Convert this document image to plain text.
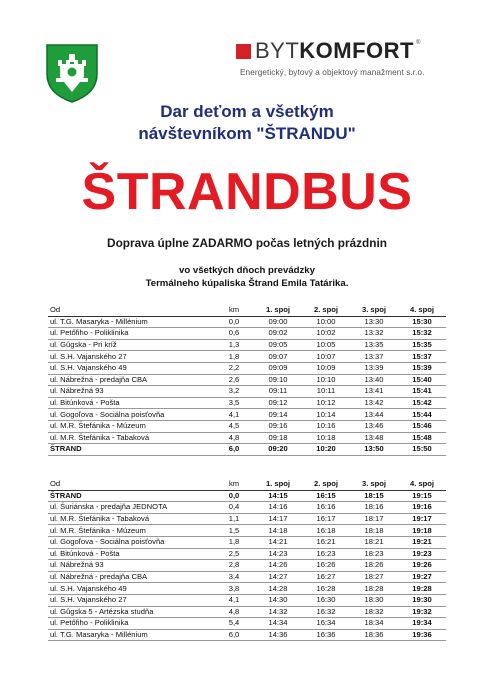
BYTKOMFORT ®
Energetický, bytový a objektový manažment s.r.o.
Dar deťom a všetkým
návštevníkom "ŠTRANDU"
ŠTRANDBUS
Doprava úplne ZADARMO počas letných prázdnin
vo všetkých dňoch prevádzky
Termálneho kúpaliska Štrand Emila Tatárika.
Od	km	1. spoj	2. spoj	3. spoj	4. spoj
ul. T.G. Masaryka - Millénium	0,0	09:00	10:00	13:30	15:30
ul. Petőfiho - Poliklinika	0,6	09:02	10:02	13:32	15:32
ul. Gûgska - Pri kríž	1,3	09:05	10:05	13:35	15:35
ul. S.H. Vajanského 27	1,8	09:07	10:07	13:37	15:37
ul. S.H. Vajanského 49	2,2	09:09	10:09	13:39	15:39
ul. Nábrežná - predajňa CBA	2,6	09:10	10:10	13:40	15:40
ul. Nábrežná 93	3,2	09:11	10:11	13:41	15:41
ul. Bitúnková - Pošta	3,5	09:12	10:12	13:42	15:42
ul. Gogoľova - Sociálna poisťovňa	4,1	09:14	10:14	13:44	15:44
ul. M.R. Štefánika - Múzeum	4,5	09:16	10:16	13:46	15:46
ul. M.R. Štefánika - Tabaková	4,8	09:18	10:18	13:48	15:48
ŠTRAND	6,0	09:20	10:20	13:50	15:50
Od	km	1. spoj	2. spoj	3. spoj	4. spoj
ŠTRAND	0,0	14:15	16:15	18:15	19:15
ul. Šuriánska - predajňa JEDNOTA	0,4	14:16	16:16	18:16	19:16
ul. M.R. Štefánika - Tabaková	1,1	14:17	16:17	18:17	19:17
ul. M.R. Štefánika - Múzeum	1,5	14:18	16:18	18:18	19:18
ul. Gogoľova - Sociálna poisťovňa	1,8	14:21	16:21	18:21	19:21
ul. Bitúnková - Pošta	2,5	14:23	16:23	18:23	19:23
ul. Nábrežná 93	2,8	14:26	16:26	18:26	19:26
ul. Nábrežná - predajňa CBA	3,4	14:27	16:27	18:27	19:27
ul. S.H. Vajanského 49	3,8	14:28	16:28	18:28	19:28
ul. S.H. Vajanského 27	4,1	14:30	16:30	18:30	19:30
ul. Gûgska 5 - Artézska studňa	4,8	14:32	16:32	18:32	19:32
ul. Petőfiho - Poliklinika	5,4	14:34	16:34	18:34	19:34
ul. T.G. Masaryka - Millénium	6,0	14:36	16:36	18:36	19:36
